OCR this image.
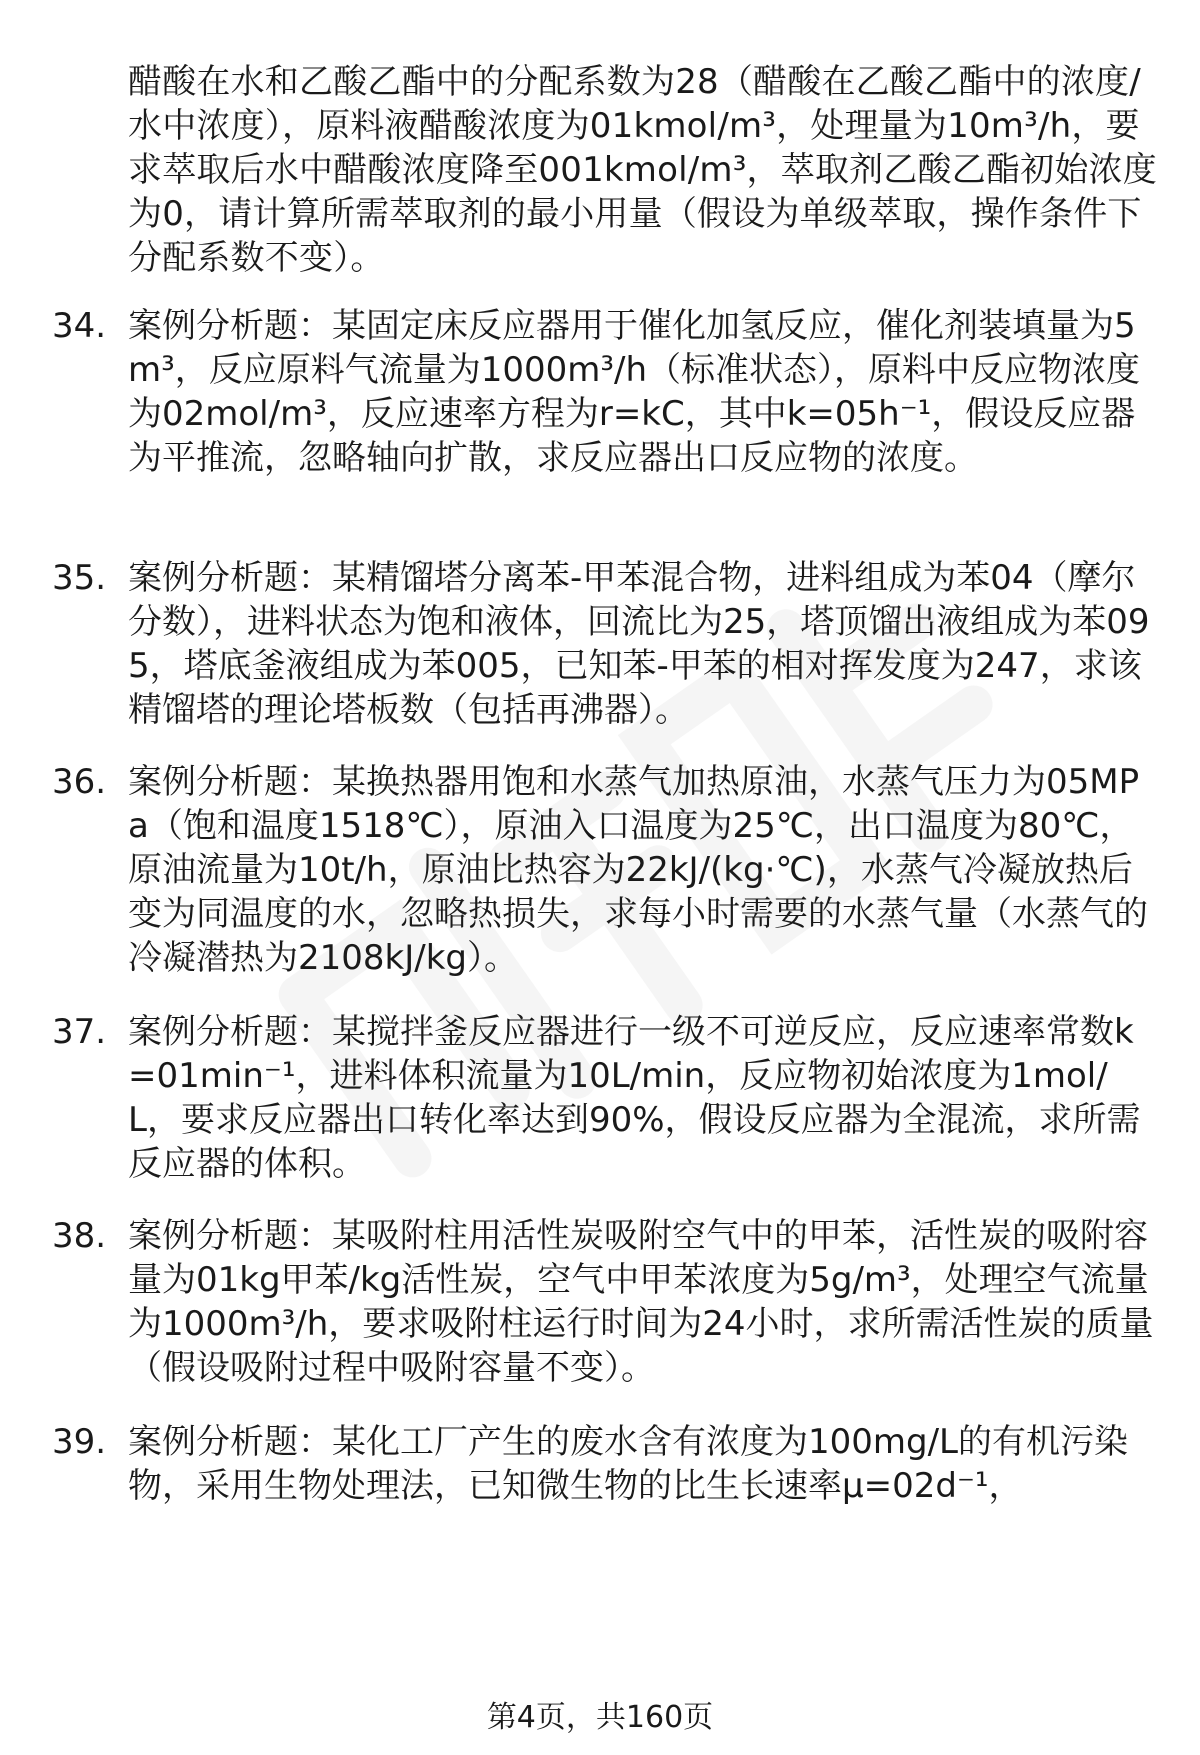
醋酸在水和乙酸乙酯中的分配系数为28（醋酸在乙酸乙酯中的浓度/水中浓度），原料液醋酸浓度为01kmol/m³，处理量为10m³/h，要求萃取后水中醋酸浓度降至001kmol/m³，萃取剂乙酸乙酯初始浓度为0，请计算所需萃取剂的最小用量（假设为单级萃取，操作条件下分配系数不变）。
34. 案例分析题：某固定床反应器用于催化加氢反应，催化剂装填量为5m³，反应原料气流量为1000m³/h（标准状态），原料中反应物浓度为02mol/m³，反应速率方程为r=kC，其中k=05h⁻¹，假设反应器为平推流，忽略轴向扩散，求反应器出口反应物的浓度。
35. 案例分析题：某精馏塔分离苯-甲苯混合物，进料组成为苯04（摩尔分数），进料状态为饱和液体，回流比为25，塔顶馏出液组成为苯095，塔底釜液组成为苯005，已知苯-甲苯的相对挥发度为247，求该精馏塔的理论塔板数（包括再沸器）。
36. 案例分析题：某换热器用饱和水蒸气加热原油，水蒸气压力为05MPa（饱和温度1518℃），原油入口温度为25℃，出口温度为80℃，原油流量为10t/h，原油比热容为22kJ/(kg·℃)，水蒸气冷凝放热后变为同温度的水，忽略热损失，求每小时需要的水蒸气量（水蒸气的冷凝潜热为2108kJ/kg）。
37. 案例分析题：某搅拌釜反应器进行一级不可逆反应，反应速率常数k=01min⁻¹，进料体积流量为10L/min，反应物初始浓度为1mol/L，要求反应器出口转化率达到90%，假设反应器为全混流，求所需反应器的体积。
38. 案例分析题：某吸附柱用活性炭吸附空气中的甲苯，活性炭的吸附容量为01kg甲苯/kg活性炭，空气中甲苯浓度为5g/m³，处理空气流量为1000m³/h，要求吸附柱运行时间为24小时，求所需活性炭的质量（假设吸附过程中吸附容量不变）。
39. 案例分析题：某化工厂产生的废水含有浓度为100mg/L的有机污染物，采用生物处理法，已知微生物的比生长速率μ=02d⁻¹，
第4页，共160页
